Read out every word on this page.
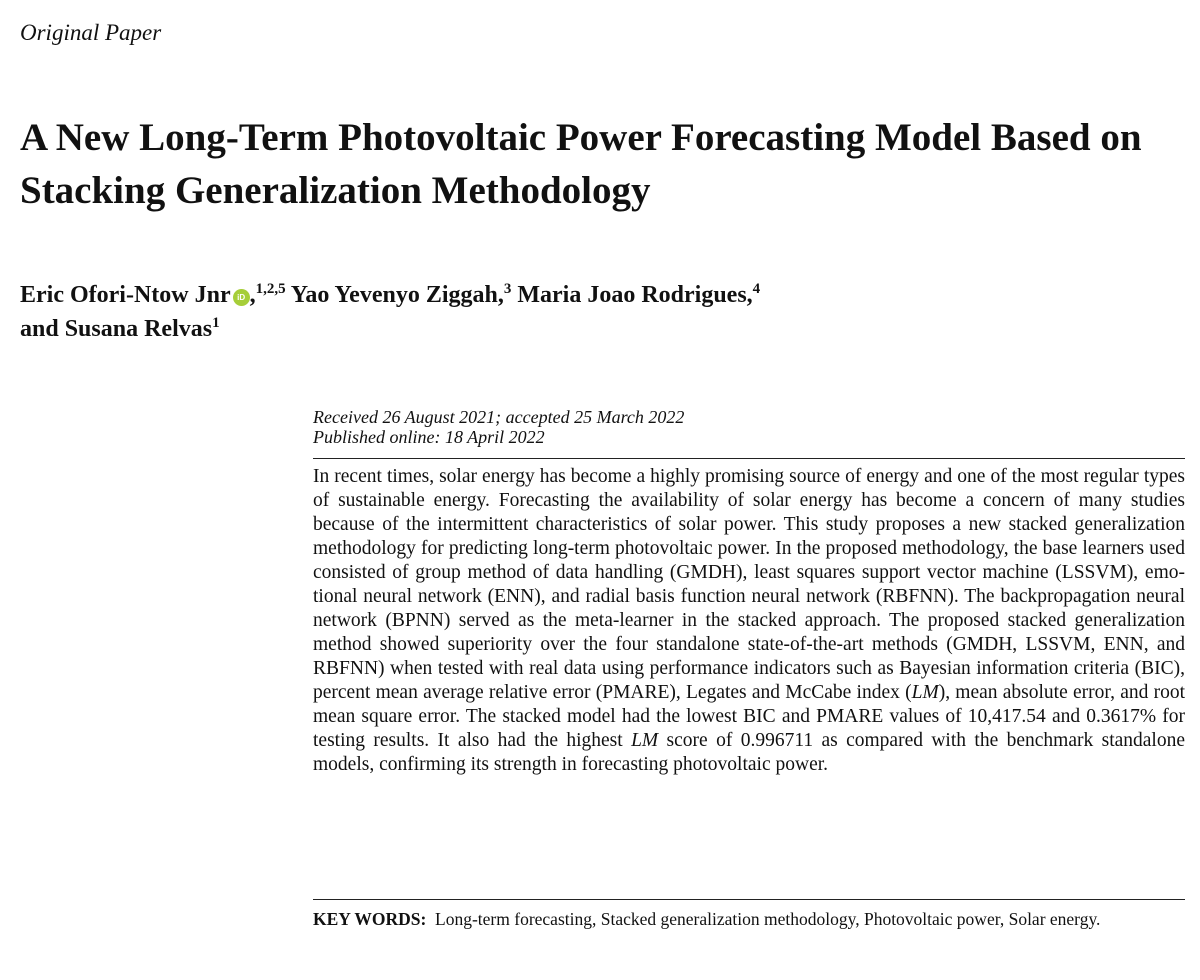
Original Paper
A New Long-Term Photovoltaic Power Forecasting Model Based on Stacking Generalization Methodology
Eric Ofori-Ntow Jnr iD ,$^{1,2,5}$ Yao Yevenyo Ziggah,$^3$ Maria Joao Rodrigues,$^4$
and Susana Relvas$^1$
Received 26 August 2021; accepted 25 March 2022
Published online: 18 April 2022

In recent times, solar energy has become a highly promising source of energy and one of the most regular types of sustainable energy. Forecasting the availability of solar energy has become a concern of many studies because of the intermittent characteristics of solar power. This study proposes a new stacked generalization methodology for predicting long-term photovoltaic power. In the proposed methodology, the base learners used consisted of group method of data handling (GMDH), least squares support vector machine (LSSVM), emotional neural network (ENN), and radial basis function neural network (RBFNN). The backpropagation neural network (BPNN) served as the meta-learner in the stacked approach. The proposed stacked generalization method showed superiority over the four standalone state-of-the-art methods (GMDH, LSSVM, ENN, and RBFNN) when tested with real data using performance indicators such as Bayesian information criteria (BIC), percent mean average relative error (PMARE), Legates and McCabe index (LM), mean absolute error, and root mean square error. The stacked model had the lowest BIC and PMARE values of 10,417.54 and 0.3617% for testing results. It also had the highest LM score of 0.996711 as compared with the benchmark standalone models, confirming its strength in forecasting photovoltaic power.

KEY WORDS: Long-term forecasting, Stacked generalization methodology, Photovoltaic power, Solar energy.
